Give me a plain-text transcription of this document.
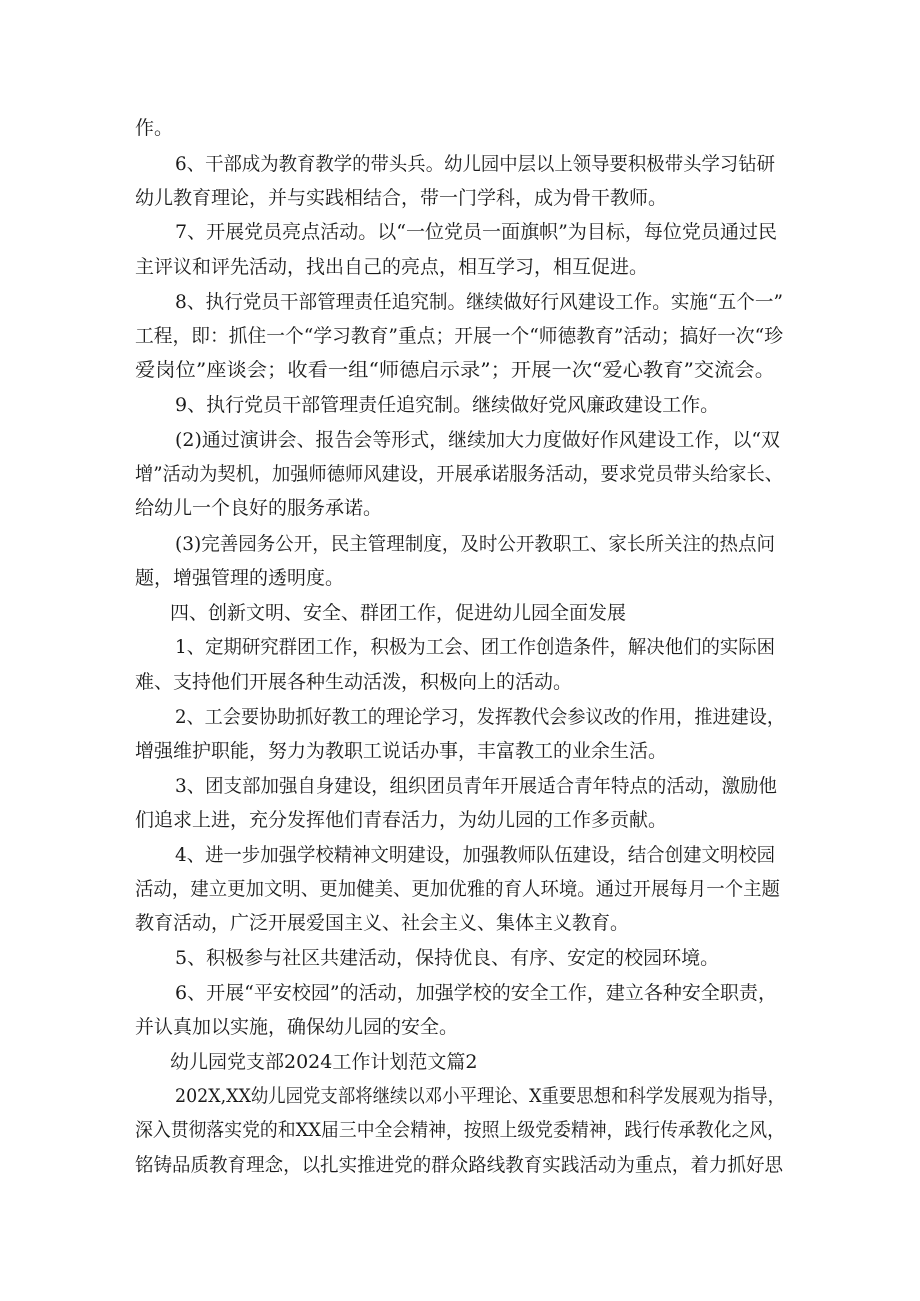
作。
6、干部成为教育教学的带头兵。幼儿园中层以上领导要积极带头学习钻研
幼儿教育理论，并与实践相结合，带一门学科，成为骨干教师。
7、开展党员亮点活动。以“一位党员一面旗帜”为目标，每位党员通过民
主评议和评先活动，找出自己的亮点，相互学习，相互促进。
8、执行党员干部管理责任追究制。继续做好行风建设工作。实施“五个一”
工程，即：抓住一个“学习教育”重点；开展一个“师德教育”活动；搞好一次“珍
爱岗位”座谈会；收看一组“师德启示录”；开展一次“爱心教育”交流会。
9、执行党员干部管理责任追究制。继续做好党风廉政建设工作。
(2)通过演讲会、报告会等形式，继续加大力度做好作风建设工作，以“双
增”活动为契机，加强师德师风建设，开展承诺服务活动，要求党员带头给家长、
给幼儿一个良好的服务承诺。
(3)完善园务公开，民主管理制度，及时公开教职工、家长所关注的热点问
题，增强管理的透明度。
四、创新文明、安全、群团工作，促进幼儿园全面发展
1、定期研究群团工作，积极为工会、团工作创造条件，解决他们的实际困
难、支持他们开展各种生动活泼，积极向上的活动。
2、工会要协助抓好教工的理论学习，发挥教代会参议改的作用，推进建设，
增强维护职能，努力为教职工说话办事，丰富教工的业余生活。
3、团支部加强自身建设，组织团员青年开展适合青年特点的活动，激励他
们追求上进，充分发挥他们青春活力，为幼儿园的工作多贡献。
4、进一步加强学校精神文明建设，加强教师队伍建设，结合创建文明校园
活动，建立更加文明、更加健美、更加优雅的育人环境。通过开展每月一个主题
教育活动，广泛开展爱国主义、社会主义、集体主义教育。
5、积极参与社区共建活动，保持优良、有序、安定的校园环境。
6、开展“平安校园”的活动，加强学校的安全工作，建立各种安全职责，
并认真加以实施，确保幼儿园的安全。
幼儿园党支部2024工作计划范文篇2
202X,XX幼儿园党支部将继续以邓小平理论、X重要思想和科学发展观为指导，
深入贯彻落实党的和XX届三中全会精神，按照上级党委精神，践行传承教化之风，
铭铸品质教育理念，以扎实推进党的群众路线教育实践活动为重点，着力抓好思
